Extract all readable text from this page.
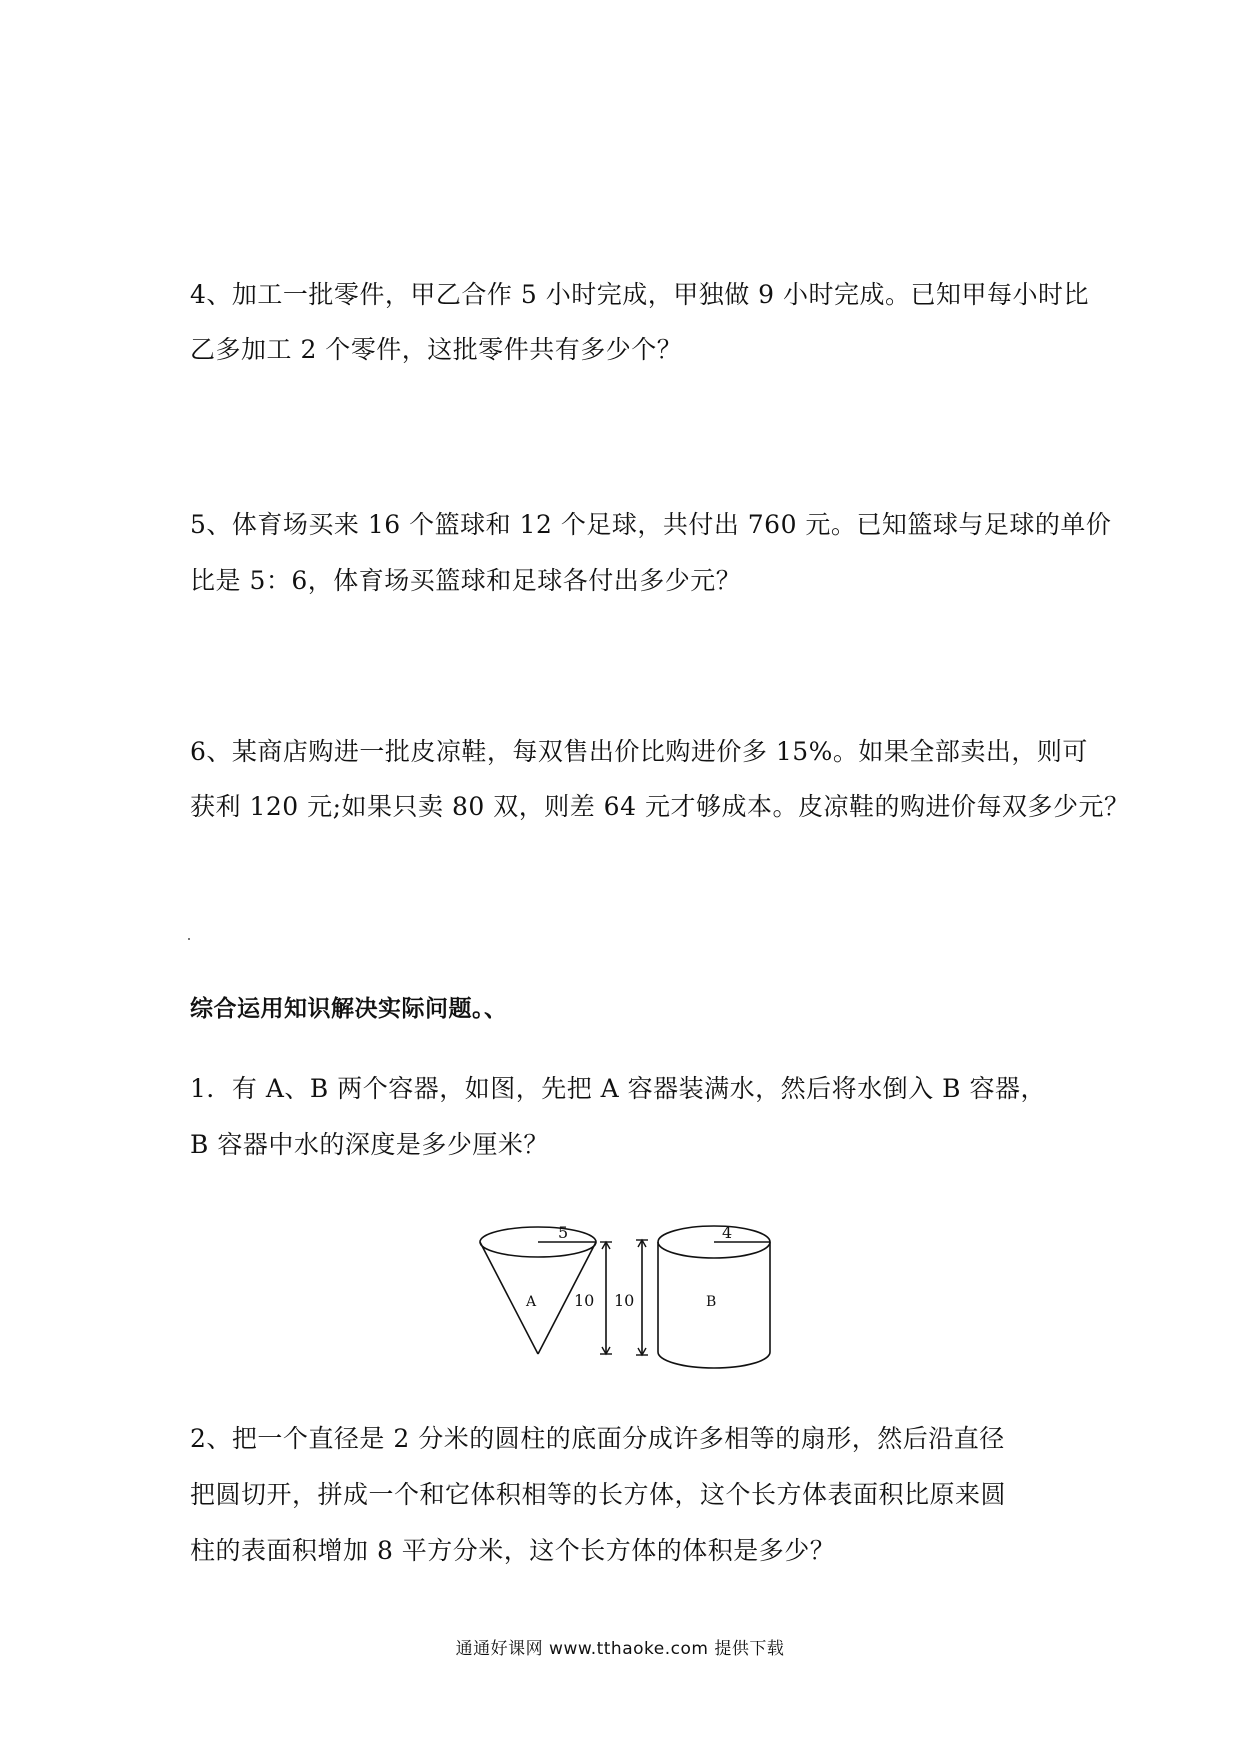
4、加工一批零件，甲乙合作 5 小时完成，甲独做 9 小时完成。已知甲每小时比
乙多加工 2 个零件，这批零件共有多少个？
5、体育场买来 16 个篮球和 12 个足球，共付出 760 元。已知篮球与足球的单价
比是 5：6，体育场买篮球和足球各付出多少元？
6、某商店购进一批皮凉鞋，每双售出价比购进价多 15%。如果全部卖出，则可
获利 120 元;如果只卖 80 双，则差 64 元才够成本。皮凉鞋的购进价每双多少元？
综合运用知识解决实际问题。、
1．有 A、B 两个容器，如图，先把 A 容器装满水，然后将水倒入 B 容器，
B 容器中水的深度是多少厘米？
5
A 10 10
4
B
2、把一个直径是 2 分米的圆柱的底面分成许多相等的扇形，然后沿直径
把圆切开，拼成一个和它体积相等的长方体，这个长方体表面积比原来圆
柱的表面积增加 8 平方分米，这个长方体的体积是多少？
通通好课网 www.tthaoke.com 提供下载
